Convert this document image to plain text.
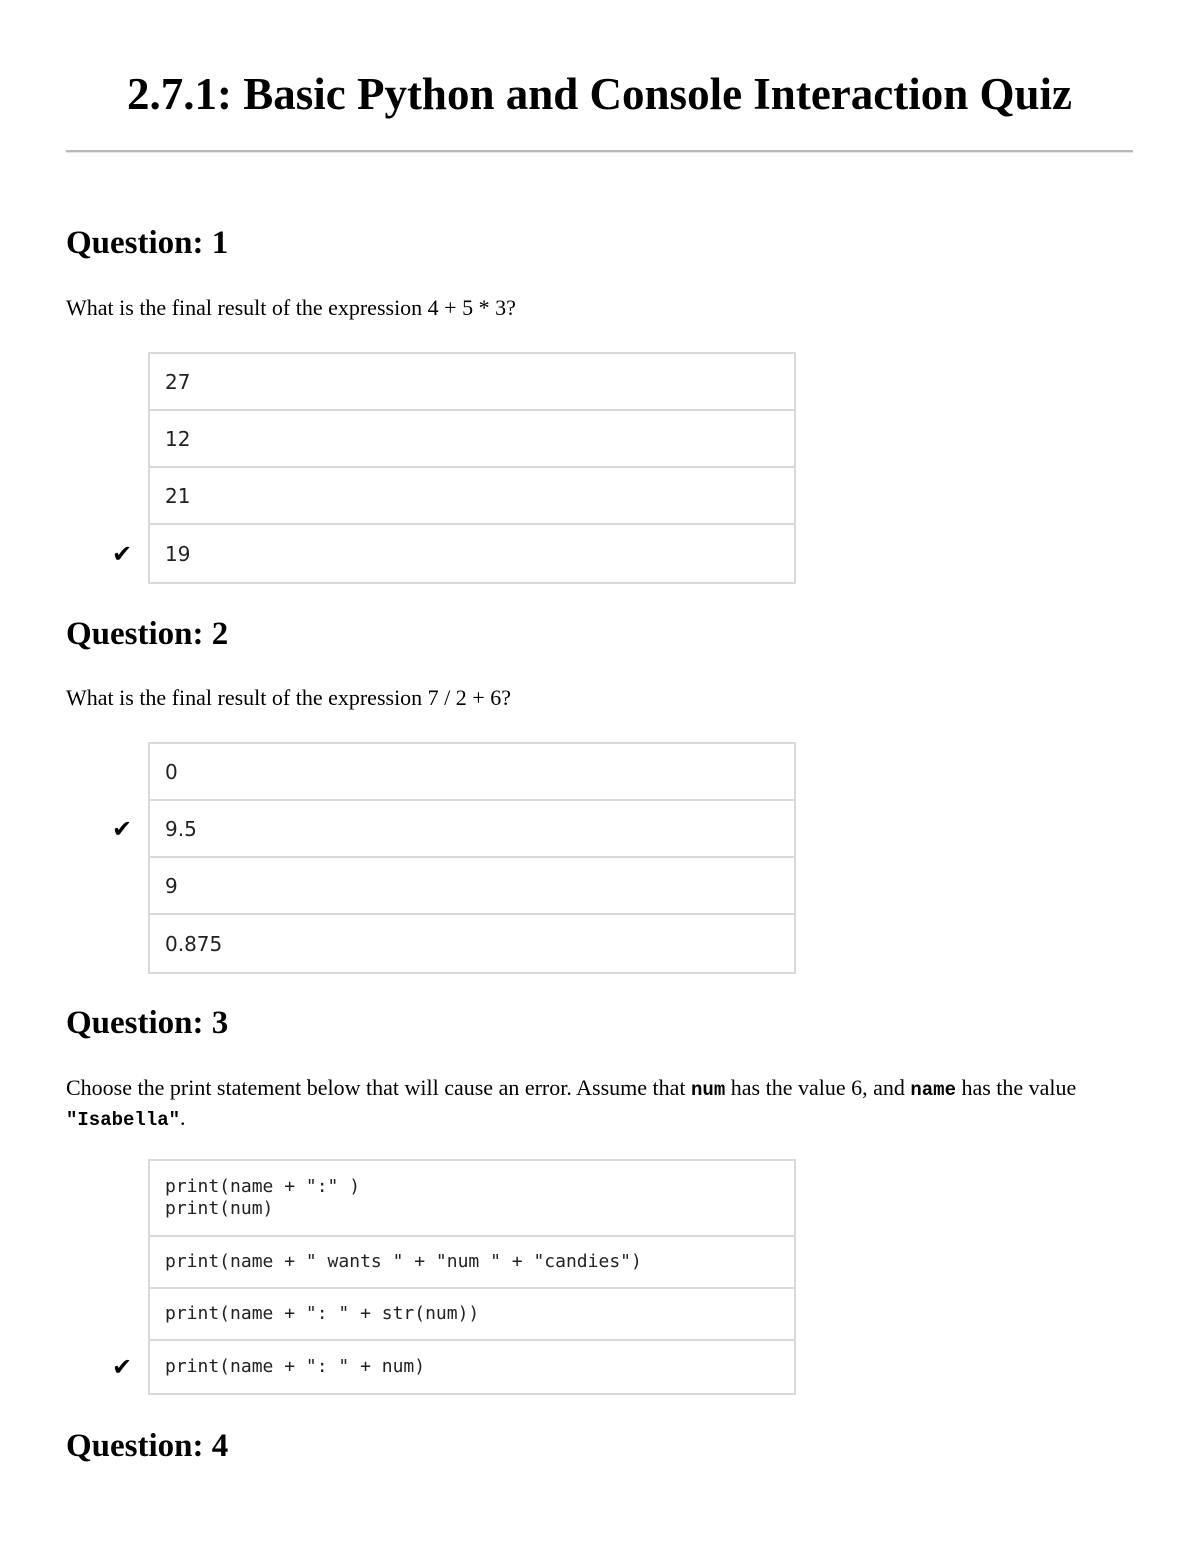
2.7.1: Basic Python and Console Interaction Quiz
Question: 1

What is the final result of the expression 4 + 5 * 3?

27
12
21
✔ 19
Question: 2

What is the final result of the expression 7 / 2 + 6?

0
✔ 9.5
9
0.875
Question: 3

Choose the print statement below that will cause an error. Assume that num has the value 6, and name has the value "Isabella".

print(name + ":" )
print(num)
print(name + " wants " + "num " + "candies")
print(name + ": " + str(num))
✔ print(name + ": " + num)
Question: 4
